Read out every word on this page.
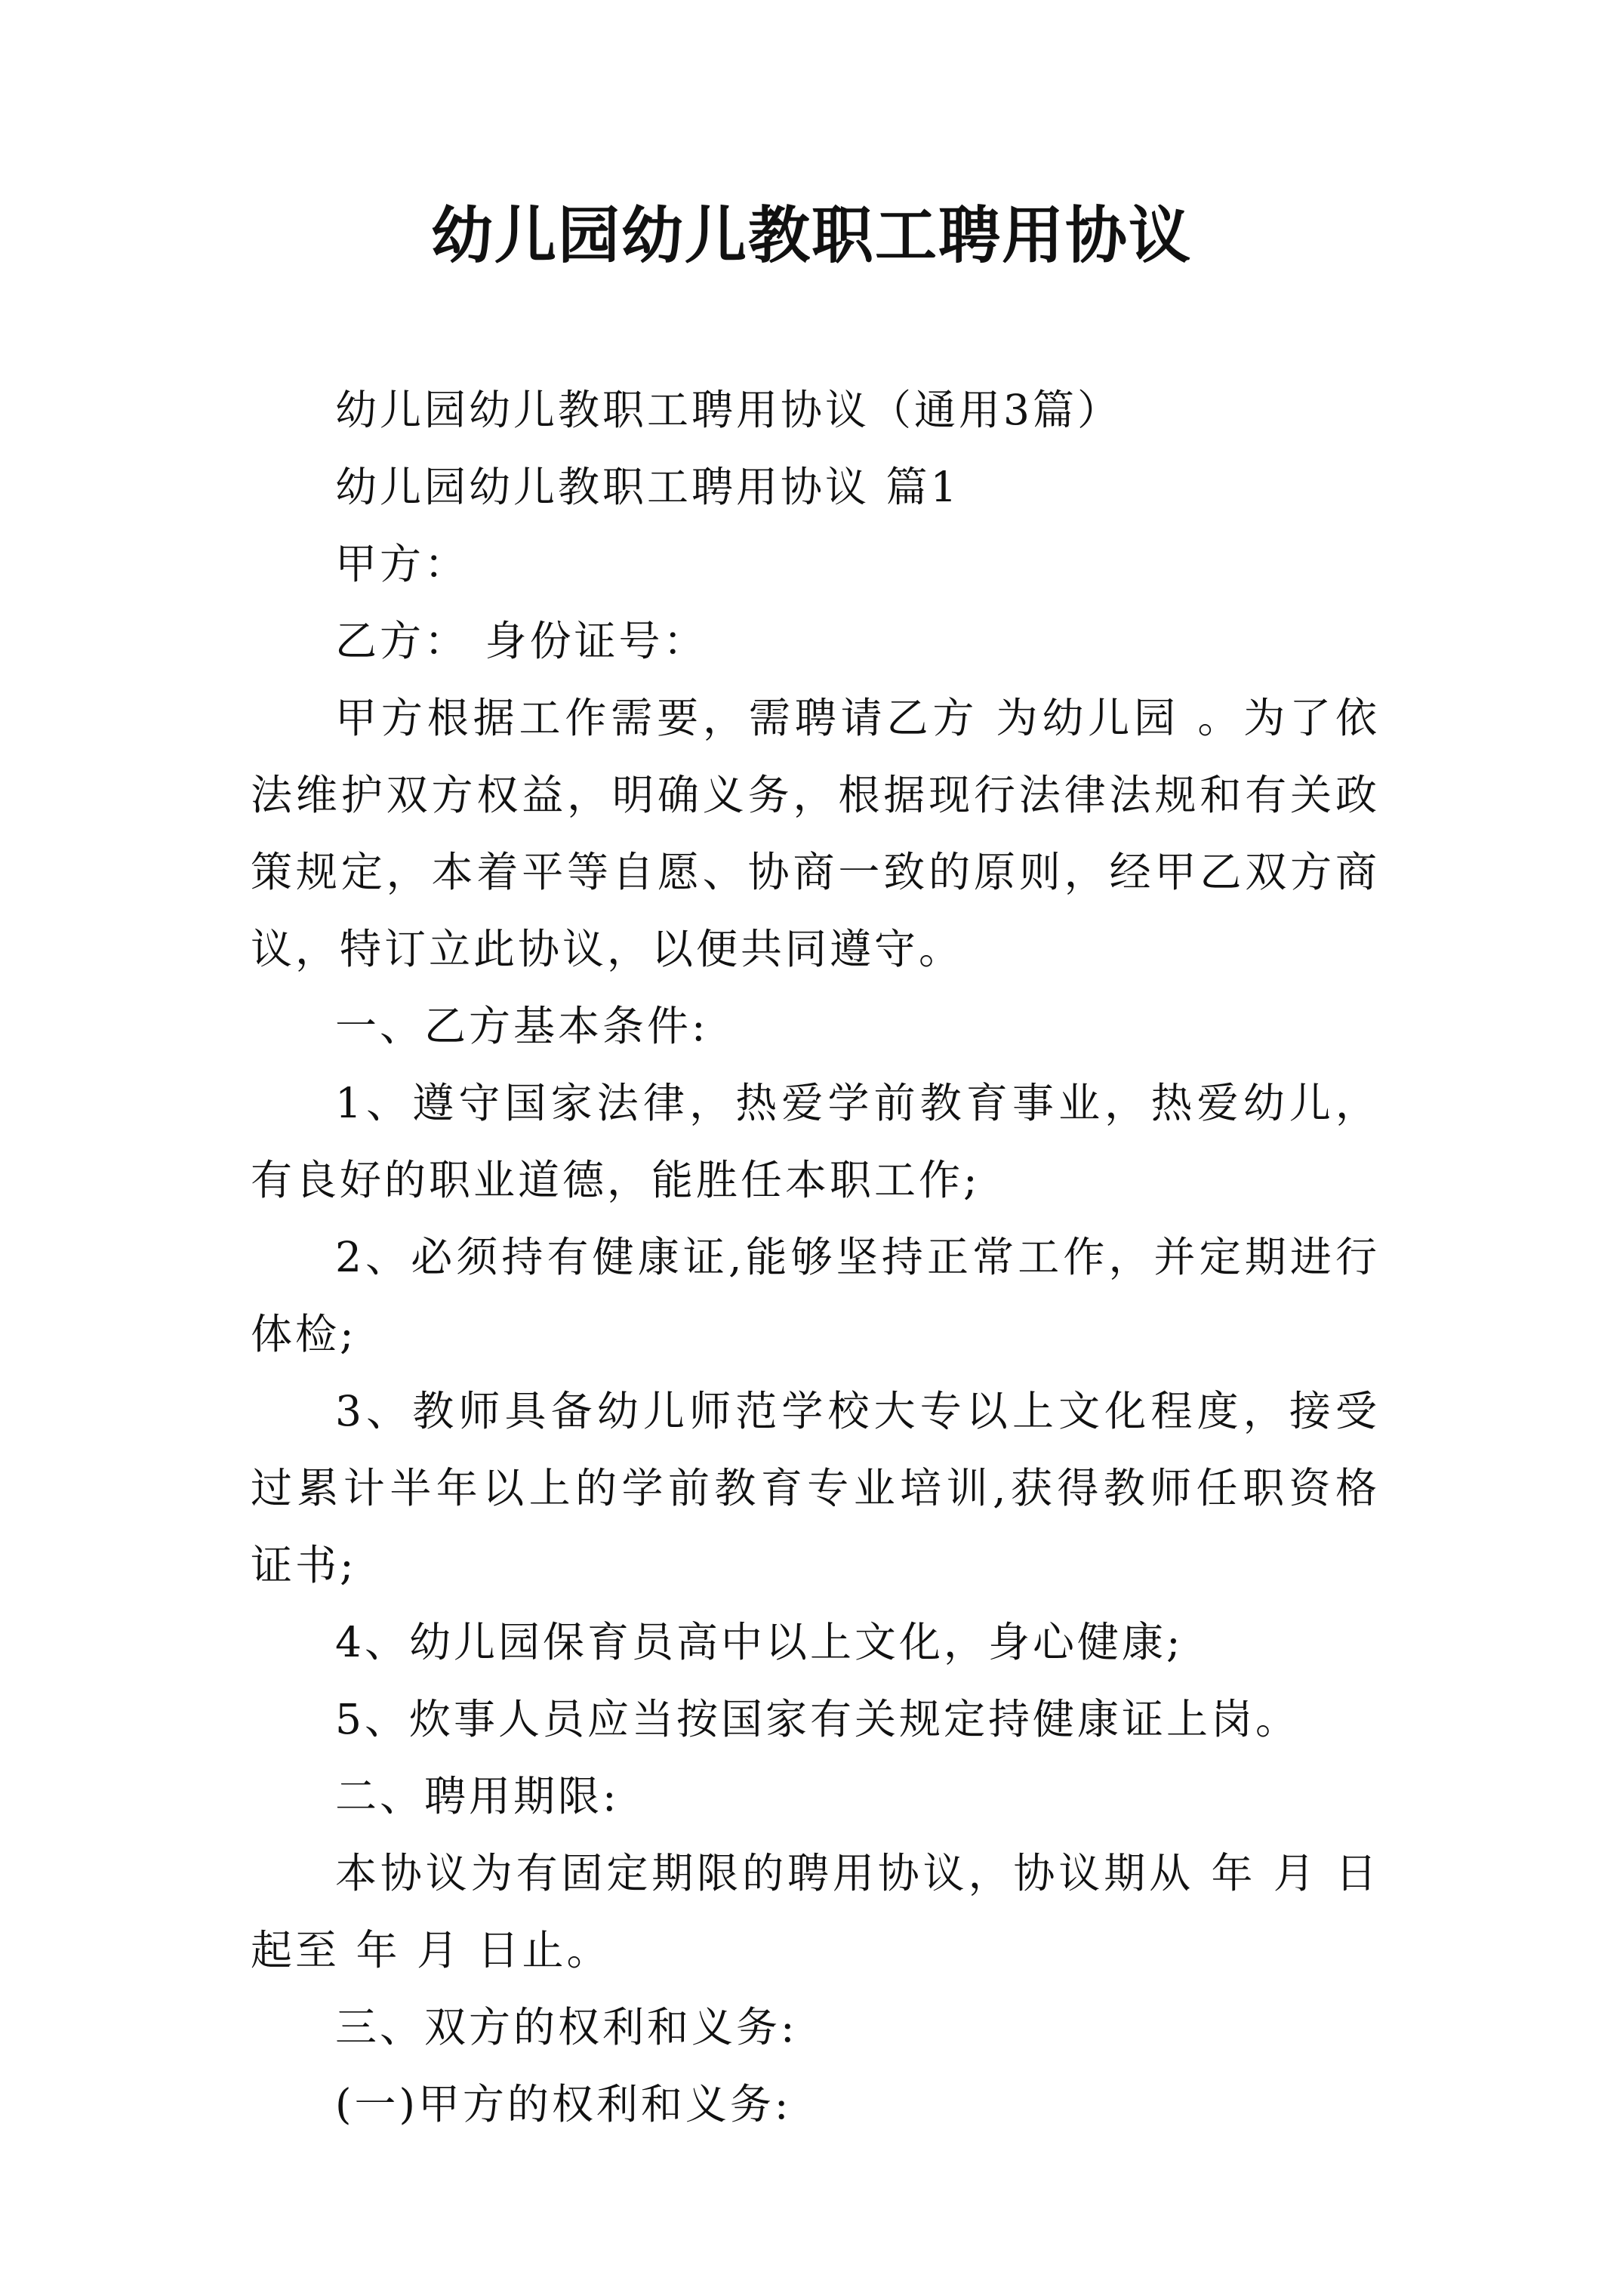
幼儿园幼儿教职工聘用协议

幼儿园幼儿教职工聘用协议（通用3篇）

幼儿园幼儿教职工聘用协议 篇1

甲方：

乙方： 身份证号：

甲方根据工作需要，需聘请乙方 为幼儿园 。为了依法维护双方权益，明确义务，根据现行法律法规和有关政策规定，本着平等自愿、协商一致的原则，经甲乙双方商议，特订立此协议，以便共同遵守。

一、乙方基本条件:

1、遵守国家法律，热爱学前教育事业，热爱幼儿，有良好的职业道德，能胜任本职工作;

2、必须持有健康证,能够坚持正常工作，并定期进行体检;

3、教师具备幼儿师范学校大专以上文化程度，接受过累计半年以上的学前教育专业培训,获得教师任职资格证书;

4、幼儿园保育员高中以上文化，身心健康;

5、炊事人员应当按国家有关规定持健康证上岗。

二、聘用期限:

本协议为有固定期限的聘用协议，协议期从 年 月 日起至 年 月 日止。

三、双方的权利和义务:

(一)甲方的权利和义务:
